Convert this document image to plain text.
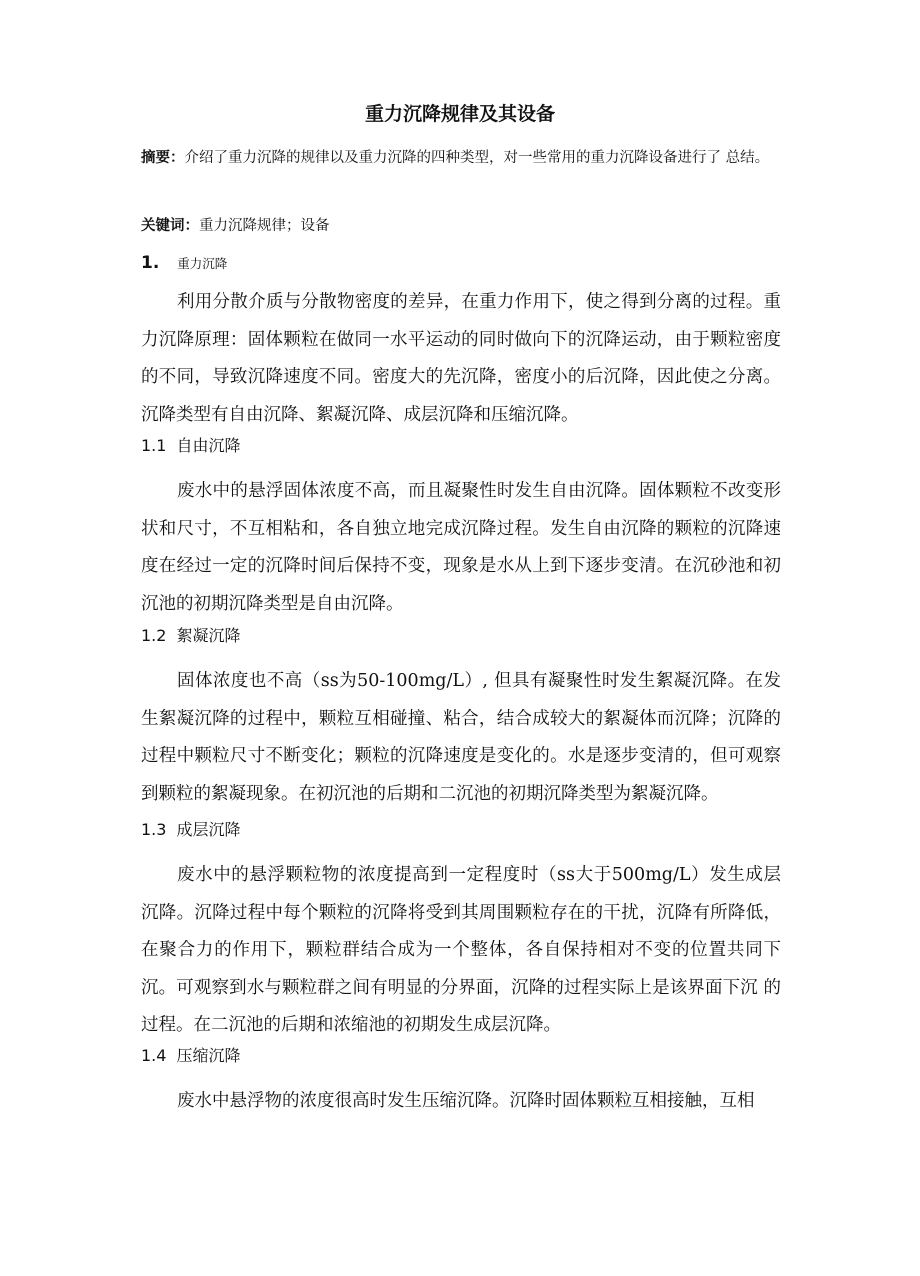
重力沉降规律及其设备
摘要：介绍了重力沉降的规律以及重力沉降的四种类型，对一些常用的重力沉降设备进行了 总结。
关键词：重力沉降规律；设备
1. 重力沉降
利用分散介质与分散物密度的差异，在重力作用下，使之得到分离的过程。重力沉降原理：固体颗粒在做同一水平运动的同时做向下的沉降运动，由于颗粒密度的不同，导致沉降速度不同。密度大的先沉降，密度小的后沉降，因此使之分离。沉降类型有自由沉降、絮凝沉降、成层沉降和压缩沉降。
1.1 自由沉降
废水中的悬浮固体浓度不高，而且凝聚性时发生自由沉降。固体颗粒不改变形状和尺寸，不互相粘和，各自独立地完成沉降过程。发生自由沉降的颗粒的沉降速度在经过一定的沉降时间后保持不变，现象是水从上到下逐步变清。在沉砂池和初沉池的初期沉降类型是自由沉降。
1.2 絮凝沉降
固体浓度也不高（ss为50-100mg/L）, 但具有凝聚性时发生絮凝沉降。在发生絮凝沉降的过程中，颗粒互相碰撞、粘合，结合成较大的絮凝体而沉降；沉降的过程中颗粒尺寸不断变化；颗粒的沉降速度是变化的。水是逐步变清的，但可观察到颗粒的絮凝现象。在初沉池的后期和二沉池的初期沉降类型为絮凝沉降。
1.3 成层沉降
废水中的悬浮颗粒物的浓度提高到一定程度时（ss大于500mg/L）发生成层沉降。沉降过程中每个颗粒的沉降将受到其周围颗粒存在的干扰，沉降有所降低， 在聚合力的作用下，颗粒群结合成为一个整体，各自保持相对不变的位置共同下 沉。可观察到水与颗粒群之间有明显的分界面，沉降的过程实际上是该界面下沉 的过程。在二沉池的后期和浓缩池的初期发生成层沉降。
1.4 压缩沉降
废水中悬浮物的浓度很高时发生压缩沉降。沉降时固体颗粒互相接触，互相
